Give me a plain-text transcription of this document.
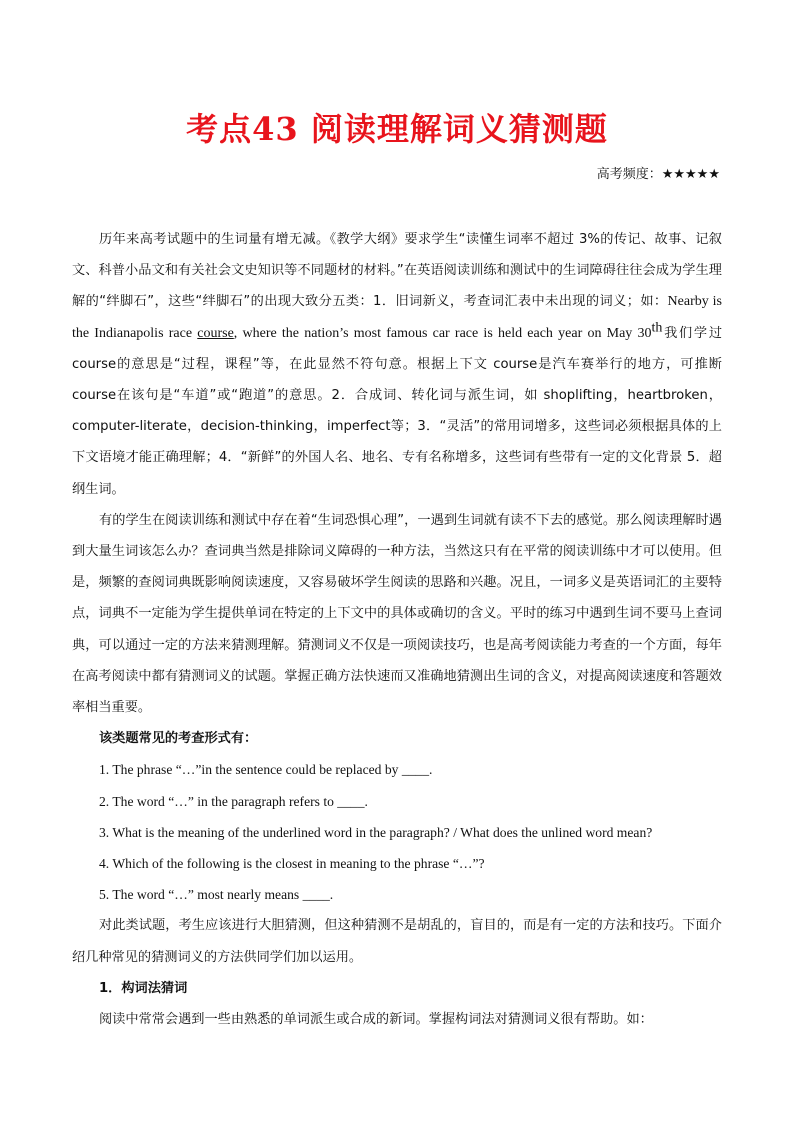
考点43 阅读理解词义猜测题
高考频度：★★★★★

历年来高考试题中的生词量有增无减。《教学大纲》要求学生“读懂生词率不超过 3%的传记、故事、记叙文、科普小品文和有关社会文史知识等不同题材的材料。”在英语阅读训练和测试中的生词障碍往往会成为学生理解的“绊脚石”，这些“绊脚石”的出现大致分五类：1．旧词新义，考查词汇表中未出现的词义；如：Nearby is the Indianapolis race course, where the nation’s most famous car race is held each year on May 30th我们学过 course的意思是“过程，课程”等，在此显然不符句意。根据上下文 course是汽车赛举行的地方，可推断 course在该句是“车道”或“跑道”的意思。2．合成词、转化词与派生词，如 shoplifting，heartbroken，computer-literate，decision-thinking，imperfect等；3．“灵活”的常用词增多，这些词必须根据具体的上下文语境才能正确理解；4．“新鲜”的外国人名、地名、专有名称增多，这些词有些带有一定的文化背景 5．超纲生词。

有的学生在阅读训练和测试中存在着“生词恐惧心理”，一遇到生词就有读不下去的感觉。那么阅读理解时遇到大量生词该怎么办？查词典当然是排除词义障碍的一种方法，当然这只有在平常的阅读训练中才可以使用。但是，频繁的查阅词典既影响阅读速度，又容易破坏学生阅读的思路和兴趣。况且，一词多义是英语词汇的主要特点，词典不一定能为学生提供单词在特定的上下文中的具体或确切的含义。平时的练习中遇到生词不要马上查词典，可以通过一定的方法来猜测理解。猜测词义不仅是一项阅读技巧，也是高考阅读能力考查的一个方面，每年在高考阅读中都有猜测词义的试题。掌握正确方法快速而又准确地猜测出生词的含义，对提高阅读速度和答题效率相当重要。

该类题常见的考查形式有：

1. The phrase “…”in the sentence could be replaced by ____.

2. The word “…” in the paragraph refers to ____.

3. What is the meaning of the underlined word in the paragraph? / What does the unlined word mean?

4. Which of the following is the closest in meaning to the phrase “…”?

5. The word “…” most nearly means ____.

对此类试题，考生应该进行大胆猜测，但这种猜测不是胡乱的，盲目的，而是有一定的方法和技巧。下面介绍几种常见的猜测词义的方法供同学们加以运用。

1．构词法猜词

阅读中常常会遇到一些由熟悉的单词派生或合成的新词。掌握构词法对猜测词义很有帮助。如：
